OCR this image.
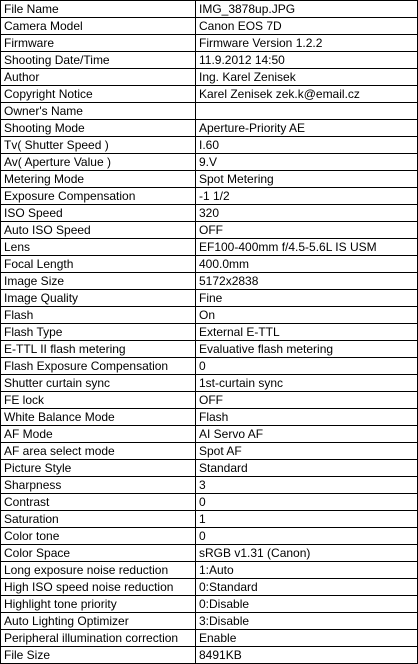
File Name	IMG_3878up.JPG
Camera Model	Canon EOS 7D
Firmware	Firmware Version 1.2.2
Shooting Date/Time	11.9.2012 14:50
Author	Ing. Karel Zenisek
Copyright Notice	Karel Zenisek zek.k@email.cz
Owner's Name	
Shooting Mode	Aperture-Priority AE
Tv( Shutter Speed )	I.60
Av( Aperture Value )	9.V
Metering Mode	Spot Metering
Exposure Compensation	-1 1/2
ISO Speed	320
Auto ISO Speed	OFF
Lens	EF100-400mm f/4.5-5.6L IS USM
Focal Length	400.0mm
Image Size	5172x2838
Image Quality	Fine
Flash	On
Flash Type	External E-TTL
E-TTL II flash metering	Evaluative flash metering
Flash Exposure Compensation	0
Shutter curtain sync	1st-curtain sync
FE lock	OFF
White Balance Mode	Flash
AF Mode	AI Servo AF
AF area select mode	Spot AF
Picture Style	Standard
Sharpness	3
Contrast	0
Saturation	1
Color tone	0
Color Space	sRGB v1.31 (Canon)
Long exposure noise reduction	1:Auto
High ISO speed noise reduction	0:Standard
Highlight tone priority	0:Disable
Auto Lighting Optimizer	3:Disable
Peripheral illumination correction	Enable
File Size	8491KB
